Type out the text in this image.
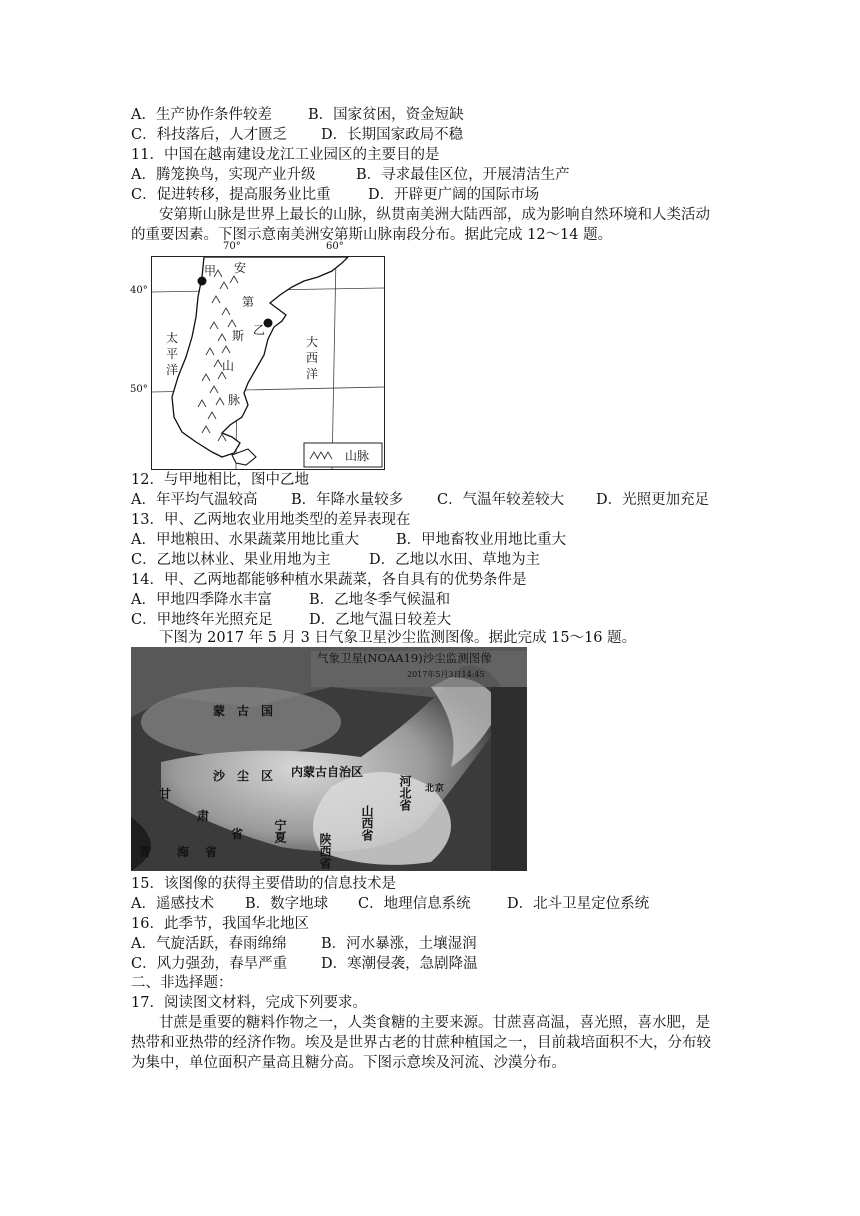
A．生产协作条件较差 B．国家贫困，资金短缺
C．科技落后，人才匮乏 D．长期国家政局不稳
11．中国在越南建设龙江工业园区的主要目的是
A．腾笼换鸟，实现产业升级	B．寻求最佳区位，开展清洁生产
C．促进转移，提高服务业比重	D．开辟更广阔的国际市场
安第斯山脉是世界上最长的山脉，纵贯南美洲大陆西部，成为影响自然环境和人类活动
的重要因素。下图示意南美洲安第斯山脉南段分布。据此完成 12～14 题。
甲
乙
安
第
斯
山
脉
太
平
洋
大
西
洋
山脉
70°	60°
40°
50°
12．与甲地相比，图中乙地
A．年平均气温较高 B．年降水量较多 C．气温年较差较大 D．光照更加充足
13．甲、乙两地农业用地类型的差异表现在
A．甲地粮田、水果蔬菜用地比重大	B．甲地畜牧业用地比重大
C．乙地以林业、果业用地为主	D．乙地以水田、草地为主
14．甲、乙两地都能够种植水果蔬菜，各自具有的优势条件是
A．甲地四季降水丰富	B．乙地冬季气候温和
C．甲地终年光照充足	D．乙地气温日较差大
下图为 2017 年 5 月 3 日气象卫星沙尘监测图像。据此完成 15～16 题。
气象卫星(NOAA19)沙尘监测图像
2017年5月3日14:45
蒙　古　国
沙　尘　区 内蒙古自治区
河北省
山西省
陕西省
宁夏
甘
肃
省
青 海 省
北 京
15．该图像的获得主要借助的信息技术是
A．遥感技术 B．数字地球 C．地理信息系统	D．北斗卫星定位系统
16．此季节，我国华北地区
A．气旋活跃，春雨绵绵 B．河水暴涨，土壤湿润
C．风力强劲，春旱严重 D．寒潮侵袭，急剧降温
二、非选择题：
17．阅读图文材料，完成下列要求。
甘蔗是重要的糖料作物之一，人类食糖的主要来源。甘蔗喜高温，喜光照，喜水肥，是
热带和亚热带的经济作物。埃及是世界古老的甘蔗种植国之一，目前栽培面积不大，分布较
为集中，单位面积产量高且糖分高。下图示意埃及河流、沙漠分布。
